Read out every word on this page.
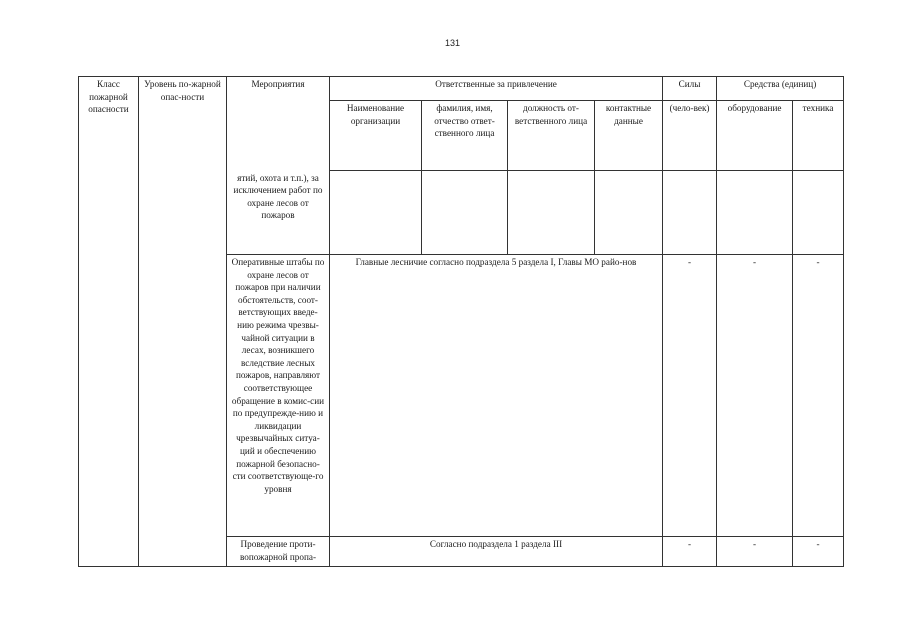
131
Класс пожарной опасности	Уровень по-жарной опас-ности	Мероприятия	Ответственные за привлечение				Силы	Средства (единиц)	
			Наименование организации	фамилия, имя, отчество ответ-ственного лица	должность от-ветственного лица	контактные данные	(чело-век)	оборудование	техника
		ятий, охота и т.п.), за исключением работ по охране лесов от пожаров							
		Оперативные штабы по охране лесов от пожаров при наличии обстоятельств, соот-ветствующих введе-нию режима чрезвы-чайной ситуации в лесах, возникшего вследствие лесных пожаров, направляют соответствующее обращение в комис-сии по предупрежде-нию и ликвидации чрезвычайных ситуа-ций и обеспечению пожарной безопасно-сти соответствующе-го уровня	Главные лесничие согласно подраздела 5 раздела I, Главы МО райо-нов				-	-	-
		Проведение проти-вопожарной пропа-	Согласно подраздела 1 раздела III				-	-	-
